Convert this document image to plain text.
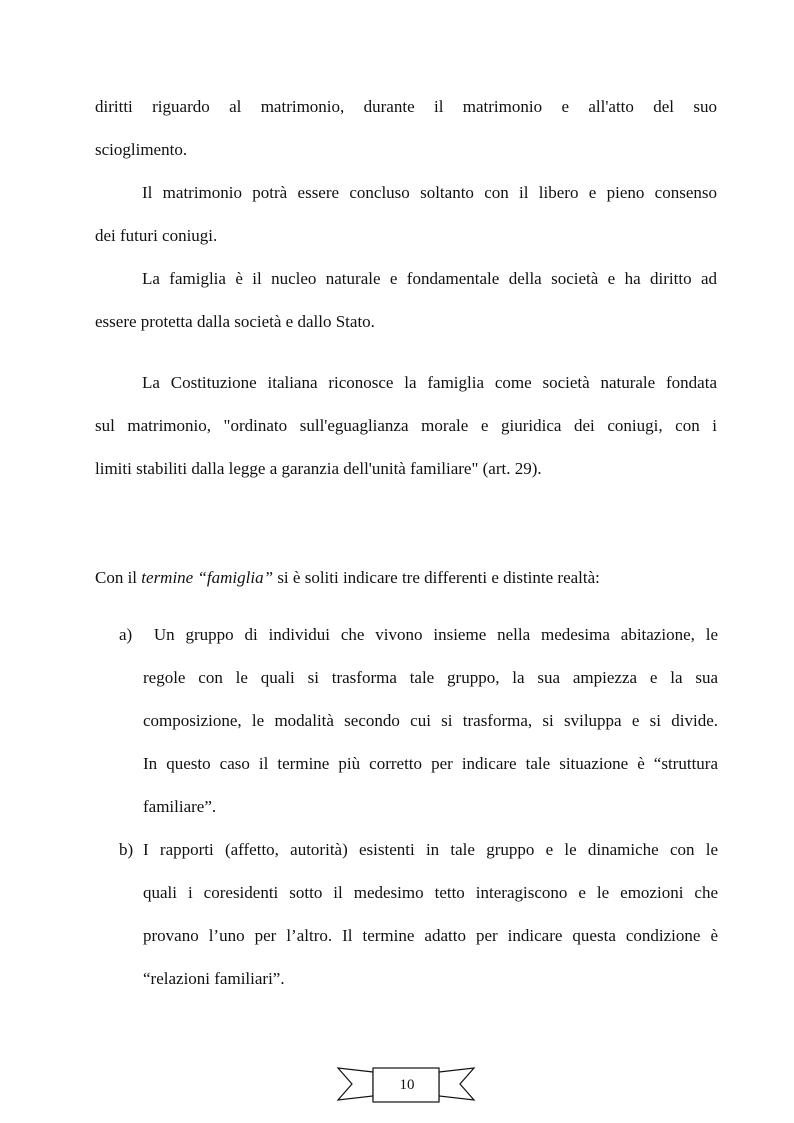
diritti riguardo al matrimonio, durante il matrimonio e all'atto del suo
scioglimento.
Il matrimonio potrà essere concluso soltanto con il libero e pieno consenso
dei futuri coniugi.
La famiglia è il nucleo naturale e fondamentale della società e ha diritto ad
essere protetta dalla società e dallo Stato.
La Costituzione italiana riconosce la famiglia come società naturale fondata
sul matrimonio, "ordinato sull'eguaglianza morale e giuridica dei coniugi, con i
limiti stabiliti dalla legge a garanzia dell'unità familiare" (art. 29).
Con il termine “famiglia” si è soliti indicare tre differenti e distinte realtà:
a) Un gruppo di individui che vivono insieme nella medesima abitazione, le
regole con le quali si trasforma tale gruppo, la sua ampiezza e la sua
composizione, le modalità secondo cui si trasforma, si sviluppa e si divide.
In questo caso il termine più corretto per indicare tale situazione è “struttura
familiare”.
b) I rapporti (affetto, autorità) esistenti in tale gruppo e le dinamiche con le
quali i coresidenti sotto il medesimo tetto interagiscono e le emozioni che
provano l’uno per l’altro. Il termine adatto per indicare questa condizione è
“relazioni familiari”.
10
